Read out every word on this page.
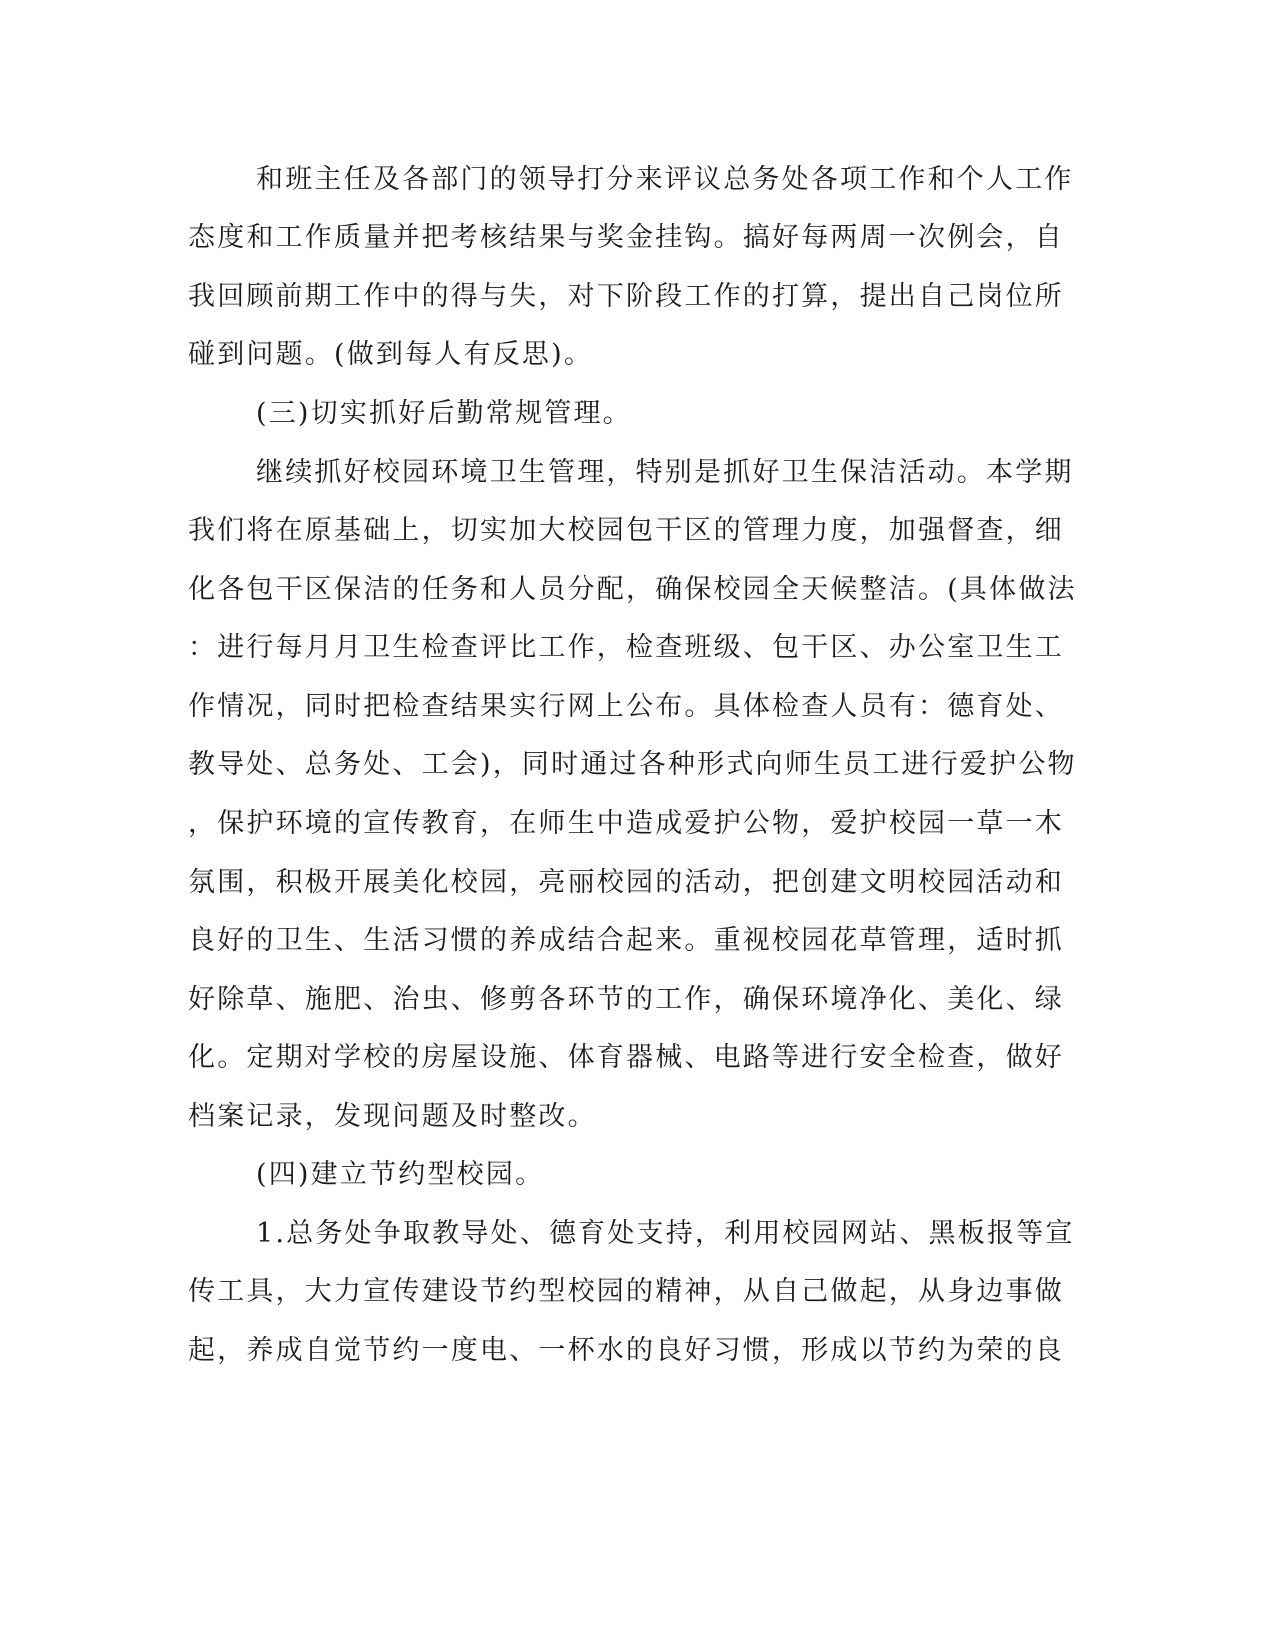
和班主任及各部门的领导打分来评议总务处各项工作和个人工作
态度和工作质量并把考核结果与奖金挂钩。搞好每两周一次例会，自
我回顾前期工作中的得与失，对下阶段工作的打算，提出自己岗位所
碰到问题。(做到每人有反思)。
(三)切实抓好后勤常规管理。
继续抓好校园环境卫生管理，特别是抓好卫生保洁活动。本学期
我们将在原基础上，切实加大校园包干区的管理力度，加强督查，细
化各包干区保洁的任务和人员分配，确保校园全天候整洁。(具体做法
：进行每月月卫生检查评比工作，检查班级、包干区、办公室卫生工
作情况，同时把检查结果实行网上公布。具体检查人员有：德育处、
教导处、总务处、工会)，同时通过各种形式向师生员工进行爱护公物
，保护环境的宣传教育，在师生中造成爱护公物，爱护校园一草一木
氛围，积极开展美化校园，亮丽校园的活动，把创建文明校园活动和
良好的卫生、生活习惯的养成结合起来。重视校园花草管理，适时抓
好除草、施肥、治虫、修剪各环节的工作，确保环境净化、美化、绿
化。定期对学校的房屋设施、体育器械、电路等进行安全检查，做好
档案记录，发现问题及时整改。
(四)建立节约型校园。
1.总务处争取教导处、德育处支持，利用校园网站、黑板报等宣
传工具，大力宣传建设节约型校园的精神，从自己做起，从身边事做
起，养成自觉节约一度电、一杯水的良好习惯，形成以节约为荣的良
